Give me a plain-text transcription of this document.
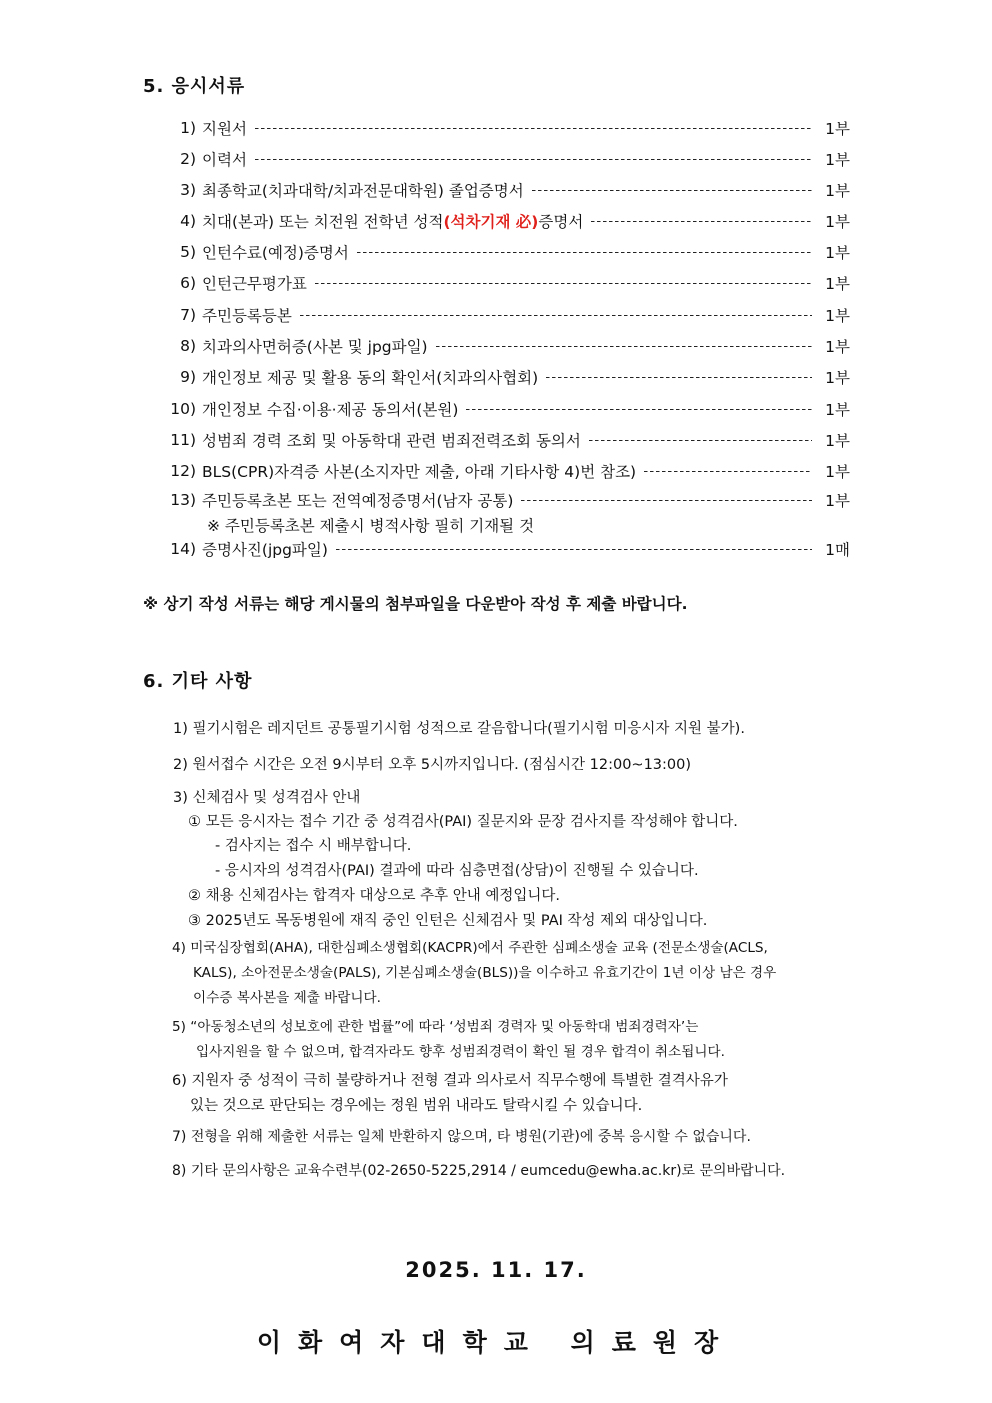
5. 응시서류
1) 지원서	1부
2) 이력서	1부
3) 최종학교(치과대학/치과전문대학원) 졸업증명서	1부
4) 치대(본과) 또는 치전원 전학년 성적(석차기재 必)증명서	1부
5) 인턴수료(예정)증명서	1부
6) 인턴근무평가표	1부
7) 주민등록등본	1부
8) 치과의사면허증(사본 및 jpg파일)	1부
9) 개인정보 제공 및 활용 동의 확인서(치과의사협회)	1부
10) 개인정보 수집·이용·제공 동의서(본원)	1부
11) 성범죄 경력 조회 및 아동학대 관련 범죄전력조회 동의서	1부
12) BLS(CPR)자격증 사본(소지자만 제출, 아래 기타사항 4)번 참조)	1부
13) 주민등록초본 또는 전역예정증명서(남자 공통)	1부
※ 주민등록초본 제출시 병적사항 필히 기재될 것
14) 증명사진(jpg파일)	1매
※ 상기 작성 서류는 해당 게시물의 첨부파일을 다운받아 작성 후 제출 바랍니다.
6. 기타 사항
1) 필기시험은 레지던트 공통필기시험 성적으로 갈음합니다(필기시험 미응시자 지원 불가).
2) 원서접수 시간은 오전 9시부터 오후 5시까지입니다. (점심시간 12:00~13:00)
3) 신체검사 및 성격검사 안내
① 모든 응시자는 접수 기간 중 성격검사(PAI) 질문지와 문장 검사지를 작성해야 합니다.
- 검사지는 접수 시 배부합니다.
- 응시자의 성격검사(PAI) 결과에 따라 심층면접(상담)이 진행될 수 있습니다.
② 채용 신체검사는 합격자 대상으로 추후 안내 예정입니다.
③ 2025년도 목동병원에 재직 중인 인턴은 신체검사 및 PAI 작성 제외 대상입니다.
4) 미국심장협회(AHA), 대한심폐소생협회(KACPR)에서 주관한 심폐소생술 교육 (전문소생술(ACLS,
KALS), 소아전문소생술(PALS), 기본심폐소생술(BLS))을 이수하고 유효기간이 1년 이상 남은 경우
이수증 복사본을 제출 바랍니다.
5) “아동청소년의 성보호에 관한 법률”에 따라 ‘성범죄 경력자 및 아동학대 범죄경력자’는
입사지원을 할 수 없으며, 합격자라도 향후 성범죄경력이 확인 될 경우 합격이 취소됩니다.
6) 지원자 중 성적이 극히 불량하거나 전형 결과 의사로서 직무수행에 특별한 결격사유가
있는 것으로 판단되는 경우에는 정원 범위 내라도 탈락시킬 수 있습니다.
7) 전형을 위해 제출한 서류는 일체 반환하지 않으며, 타 병원(기관)에 중복 응시할 수 없습니다.
8) 기타 문의사항은 교육수련부(02-2650-5225,2914 / eumcedu@ewha.ac.kr)로 문의바랍니다.
2025. 11. 17.
이화여자대학교 의료원장
